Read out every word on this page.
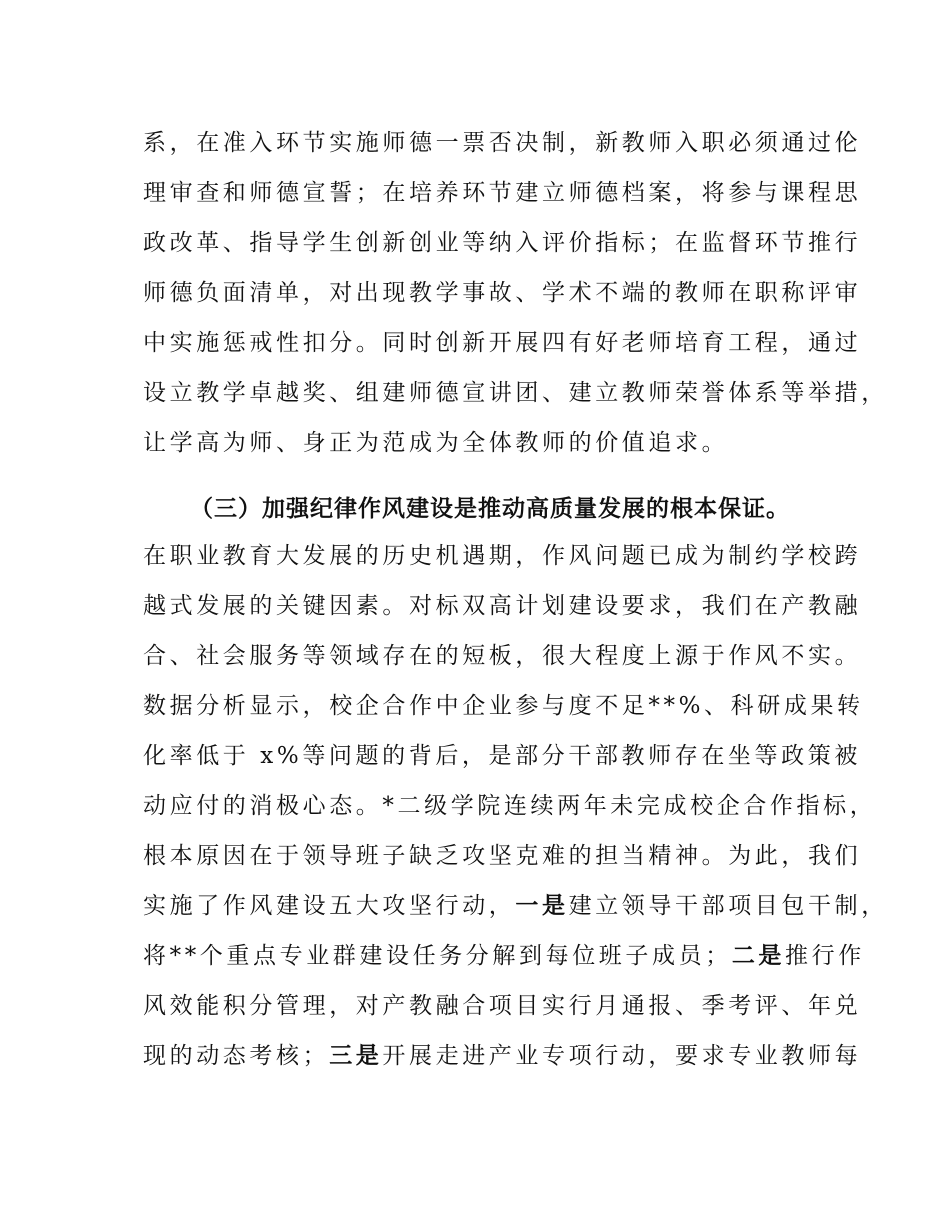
系，在准入环节实施师德一票否决制，新教师入职必须通过伦
理审查和师德宣誓；在培养环节建立师德档案，将参与课程思
政改革、指导学生创新创业等纳入评价指标；在监督环节推行
师德负面清单，对出现教学事故、学术不端的教师在职称评审
中实施惩戒性扣分。同时创新开展四有好老师培育工程，通过
设立教学卓越奖、组建师德宣讲团、建立教师荣誉体系等举措，
让学高为师、身正为范成为全体教师的价值追求。
（三）加强纪律作风建设是推动高质量发展的根本保证。
在职业教育大发展的历史机遇期，作风问题已成为制约学校跨
越式发展的关键因素。对标双高计划建设要求，我们在产教融
合、社会服务等领域存在的短板，很大程度上源于作风不实。
数据分析显示，校企合作中企业参与度不足**%、科研成果转
化率低于 x%等问题的背后，是部分干部教师存在坐等政策被
动应付的消极心态。*二级学院连续两年未完成校企合作指标，
根本原因在于领导班子缺乏攻坚克难的担当精神。为此，我们
实施了作风建设五大攻坚行动，一是建立领导干部项目包干制，
将**个重点专业群建设任务分解到每位班子成员；二是推行作
风效能积分管理，对产教融合项目实行月通报、季考评、年兑
现的动态考核；三是开展走进产业专项行动，要求专业教师每
